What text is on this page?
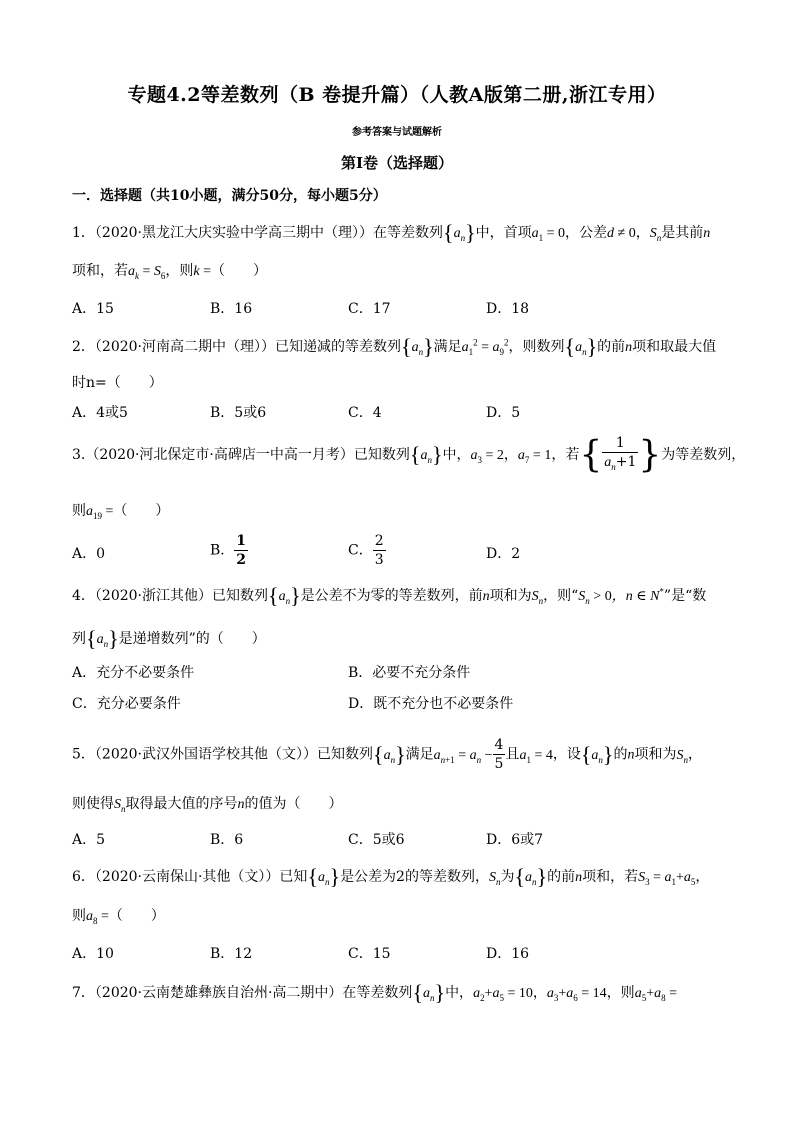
专题4.2等差数列（B 卷提升篇）（人教A版第二册,浙江专用）
参考答案与试题解析
第I卷（选择题）
一．选择题（共10小题，满分50分，每小题5分）
1．（2020·黑龙江大庆实验中学高三期中（理））在等差数列$\{a_n\}$中，首项$a_1 = 0$，公差d ≠ 0，$S_n$是其前n
项和，若$a_k = S_6$，则k =（　　）
A．15	B．16	C．17	D．18
2．（2020·河南高二期中（理））已知递减的等差数列$\{a_n\}$满足$a_1^2 = a_9^2$，则数列$\{a_n\}$的前n项和取最大值
时n=（　　）
A．4或5	B．5或6	C．4	D．5
3.（2020·河北保定市·高碑店一中高一月考）已知数列$\{a_n\}$中，$a_3 = 2$，$a_7 = 1$，若{ $\frac{1}{a_n+1}$ }为等差数列，
则$a_{19}$ =（　　）
A．0	B． $\frac{1}{2}$	C． $\frac{2}{3}$	D．2
4．（2020·浙江其他）已知数列$\{a_n\}$是公差不为零的等差数列，前n项和为$S_n$，则“$S_n > 0$，n ∈ N*”是“数
列$\{a_n\}$是递增数列”的（　　）
A．充分不必要条件	B．必要不充分条件
C．充分必要条件	D．既不充分也不必要条件
5．（2020·武汉外国语学校其他（文））已知数列$\{a_n\}$满足$a_{n+1} = a_n - \frac{4}{5}$ 且$a_1 = 4$，设$\{a_n\}$的n项和为$S_n$，
则使得$S_n$取得最大值的序号n的值为（　　）
A．5	B．6	C．5或6	D．6或7
6．（2020·云南保山·其他（文））已知$\{a_n\}$是公差为2的等差数列，$S_n$为$\{a_n\}$的前n项和，若$S_3 = a_1+a_5$，
则$a_8$ =（　　）
A．10	B．12	C．15	D．16
7．（2020·云南楚雄彝族自治州·高二期中）在等差数列$\{a_n\}$中，$a_2+a_5 = 10$，$a_3+a_6 = 14$，则$a_5+a_8$ =
